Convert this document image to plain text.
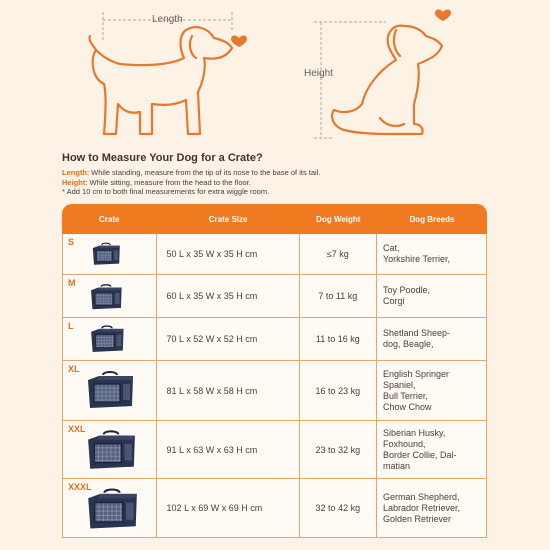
Length
Height
How to Measure Your Dog for a Crate?
Length: While standing, measure from the tip of its nose to the base of its tail.
Height: While sitting, measure from the head to the floor.
* Add 10 cm to both final measurements for extra wiggle room.
Crate	Crate Size	Dog Weight	Dog Breeds

S	50 L x 35 W x 35 H cm	≤7 kg	Cat,
Yorkshire Terrier,

M	60 L x 35 W x 35 H cm	7 to 11 kg	Toy Poodle,
Corgi

L	70 L x 52 W x 52 H cm	11 to 16 kg	Shetland Sheep-
dog, Beagle,

XL	81 L x 58 W x 58 H cm	16 to 23 kg	English Springer
Spaniel,
Bull Terrier,
Chow Chow

XXL	91 L x 63 W x 63 H cm	23 to 32 kg	Siberian Husky,
Foxhound,
Border Collie, Dal-
matian

XXXL	102 L x 69 W x 69 H cm	32 to 42 kg	German Shepherd,
Labrador Retriever,
Golden Retriever
